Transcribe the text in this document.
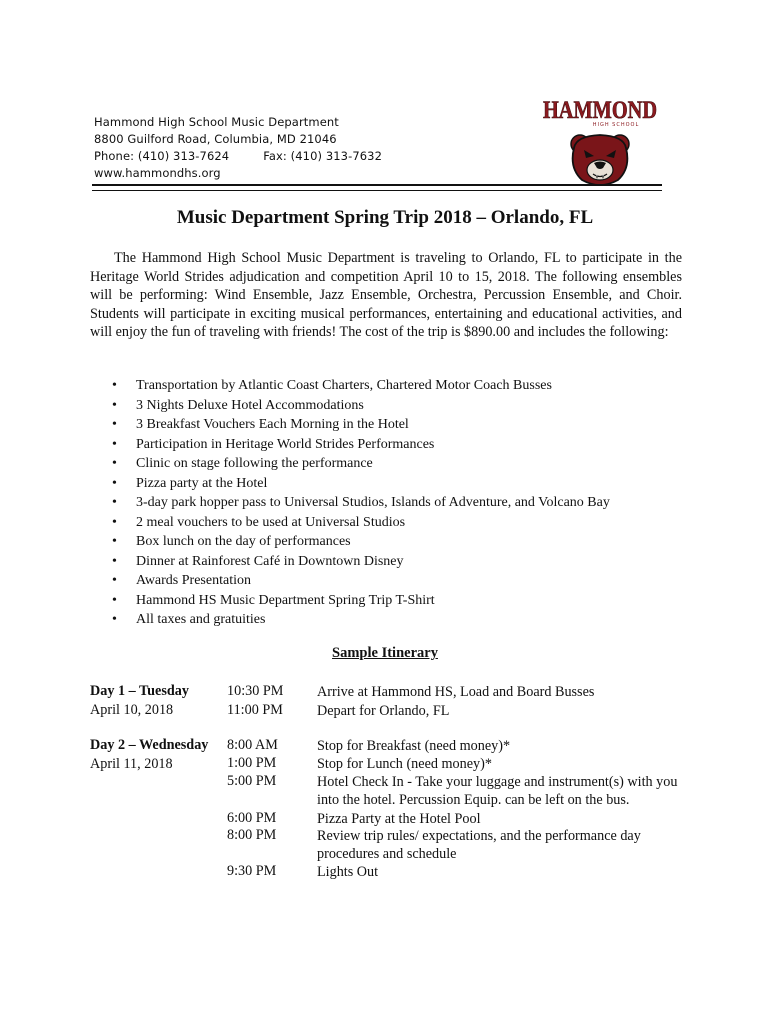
Hammond High School Music Department
8800 Guilford Road, Columbia, MD 21046
Phone: (410) 313-7624	Fax: (410) 313-7632
www.hammondhs.org
HAMMOND
HIGH SCHOOL
Music Department Spring Trip 2018 – Orlando, FL
The Hammond High School Music Department is traveling to Orlando, FL to participate in the Heritage World Strides adjudication and competition April 10 to 15, 2018. The following ensembles will be performing: Wind Ensemble, Jazz Ensemble, Orchestra, Percussion Ensemble, and Choir. Students will participate in exciting musical performances, entertaining and educational activities, and will enjoy the fun of traveling with friends! The cost of the trip is $890.00 and includes the following:
• Transportation by Atlantic Coast Charters, Chartered Motor Coach Busses
• 3 Nights Deluxe Hotel Accommodations
• 3 Breakfast Vouchers Each Morning in the Hotel
• Participation in Heritage World Strides Performances
• Clinic on stage following the performance
• Pizza party at the Hotel
• 3-day park hopper pass to Universal Studios, Islands of Adventure, and Volcano Bay
• 2 meal vouchers to be used at Universal Studios
• Box lunch on the day of performances
• Dinner at Rainforest Café in Downtown Disney
• Awards Presentation
• Hammond HS Music Department Spring Trip T-Shirt
• All taxes and gratuities
Sample Itinerary
Day 1 – Tuesday
April 10, 2018
10:30 PM Arrive at Hammond HS, Load and Board Busses
11:00 PM Depart for Orlando, FL
Day 2 – Wednesday
April 11, 2018
8:00 AM	Stop for Breakfast (need money)*
1:00 PM	Stop for Lunch (need money)*
5:00 PM	Hotel Check In - Take your luggage and instrument(s) with you into the hotel. Percussion Equip. can be left on the bus.
6:00 PM	Pizza Party at the Hotel Pool
8:00 PM	Review trip rules/ expectations, and the performance day procedures and schedule
9:30 PM	Lights Out
